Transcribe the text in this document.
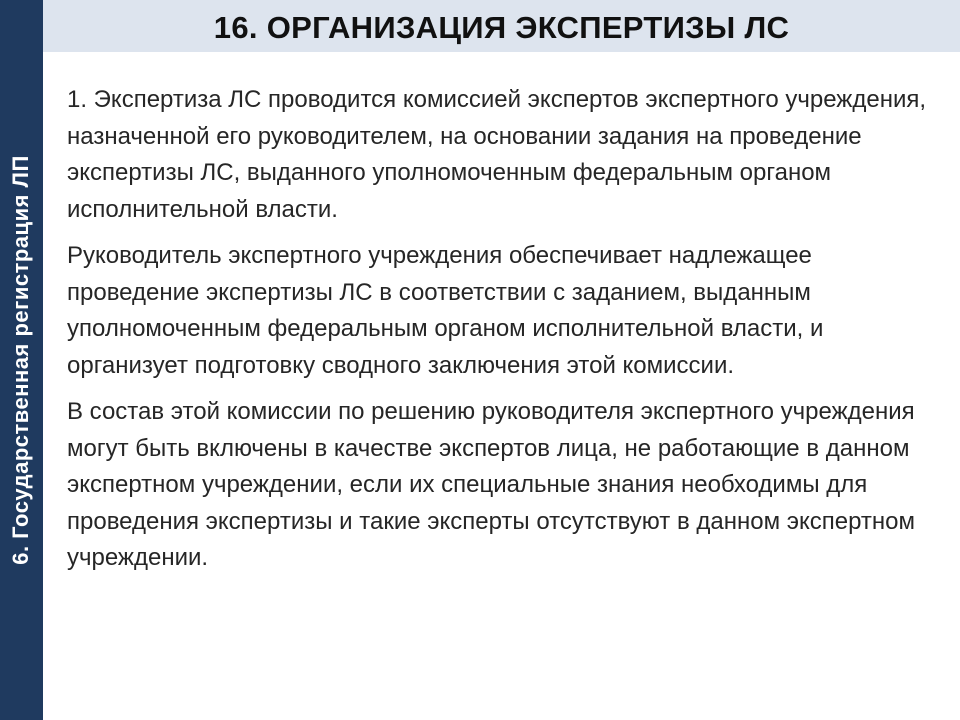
6. Государственная регистрация ЛП
16. ОРГАНИЗАЦИЯ ЭКСПЕРТИЗЫ ЛС

1. Экспертиза ЛС проводится комиссией экспертов экспертного учреждения, назначенной его руководителем, на основании задания на проведение экспертизы ЛС, выданного уполномоченным федеральным органом исполнительной власти.

Руководитель экспертного учреждения обеспечивает надлежащее проведение экспертизы ЛС в соответствии с заданием, выданным уполномоченным федеральным органом исполнительной власти, и организует подготовку сводного заключения этой комиссии.

В состав этой комиссии по решению руководителя экспертного учреждения могут быть включены в качестве экспертов лица, не работающие в данном экспертном учреждении, если их специальные знания необходимы для проведения экспертизы и такие эксперты отсутствуют в данном экспертном учреждении.
